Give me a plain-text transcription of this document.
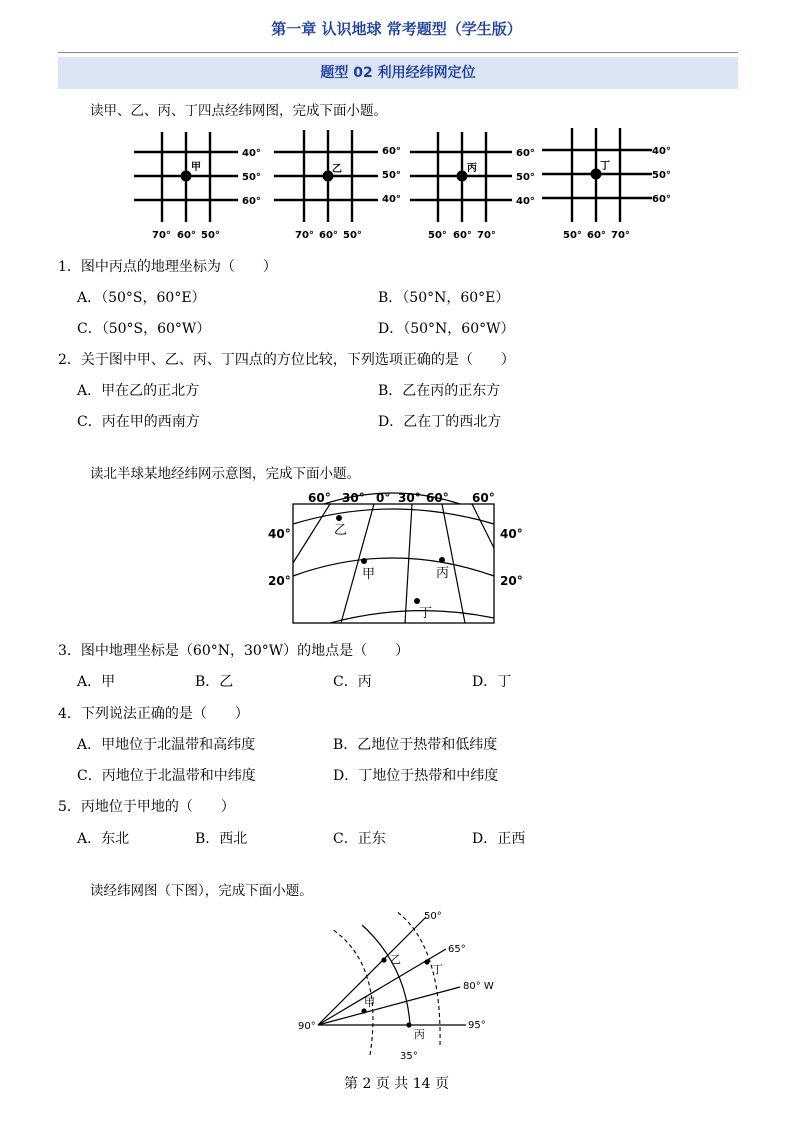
第一章 认识地球 常考题型（学生版）
题型 02 利用经纬网定位
读甲、乙、丙、丁四点经纬网图，完成下面小题。
甲	乙	丙	丁
40°
50°
60°
70° 60° 50°
60°
50°
40°
70° 60° 50°
60°
50°
40°
50° 60° 70°
40°
50°
60°
50° 60° 70°
1．图中丙点的地理坐标为（　　）
A．（50°S，60°E）	B．（50°N，60°E）
C．（50°S，60°W）	D．（50°N，60°W）
2．关于图中甲、乙、丙、丁四点的方位比较，下列选项正确的是（　　）
A．甲在乙的正北方	B．乙在丙的正东方
C．丙在甲的西南方	D．乙在丁的西北方
读北半球某地经纬网示意图，完成下面小题。
60° 30° 0° 30° 60° 60°
40°
20°
40°
20°
乙
甲	丙
丁
3．图中地理坐标是（60°N，30°W）的地点是（　　）
A．甲	B．乙	C．丙	D．丁
4．下列说法正确的是（　　）
A．甲地位于北温带和高纬度	B．乙地位于热带和低纬度
C．丙地位于北温带和中纬度	D．丁地位于热带和中纬度
5．丙地位于甲地的（　　）
A．东北	B．西北	C．正东	D．正西
读经纬网图（下图），完成下面小题。
50°
65°
80° W
95°
90°
35°
乙
丁
甲
丙
第 2 页 共 14 页
